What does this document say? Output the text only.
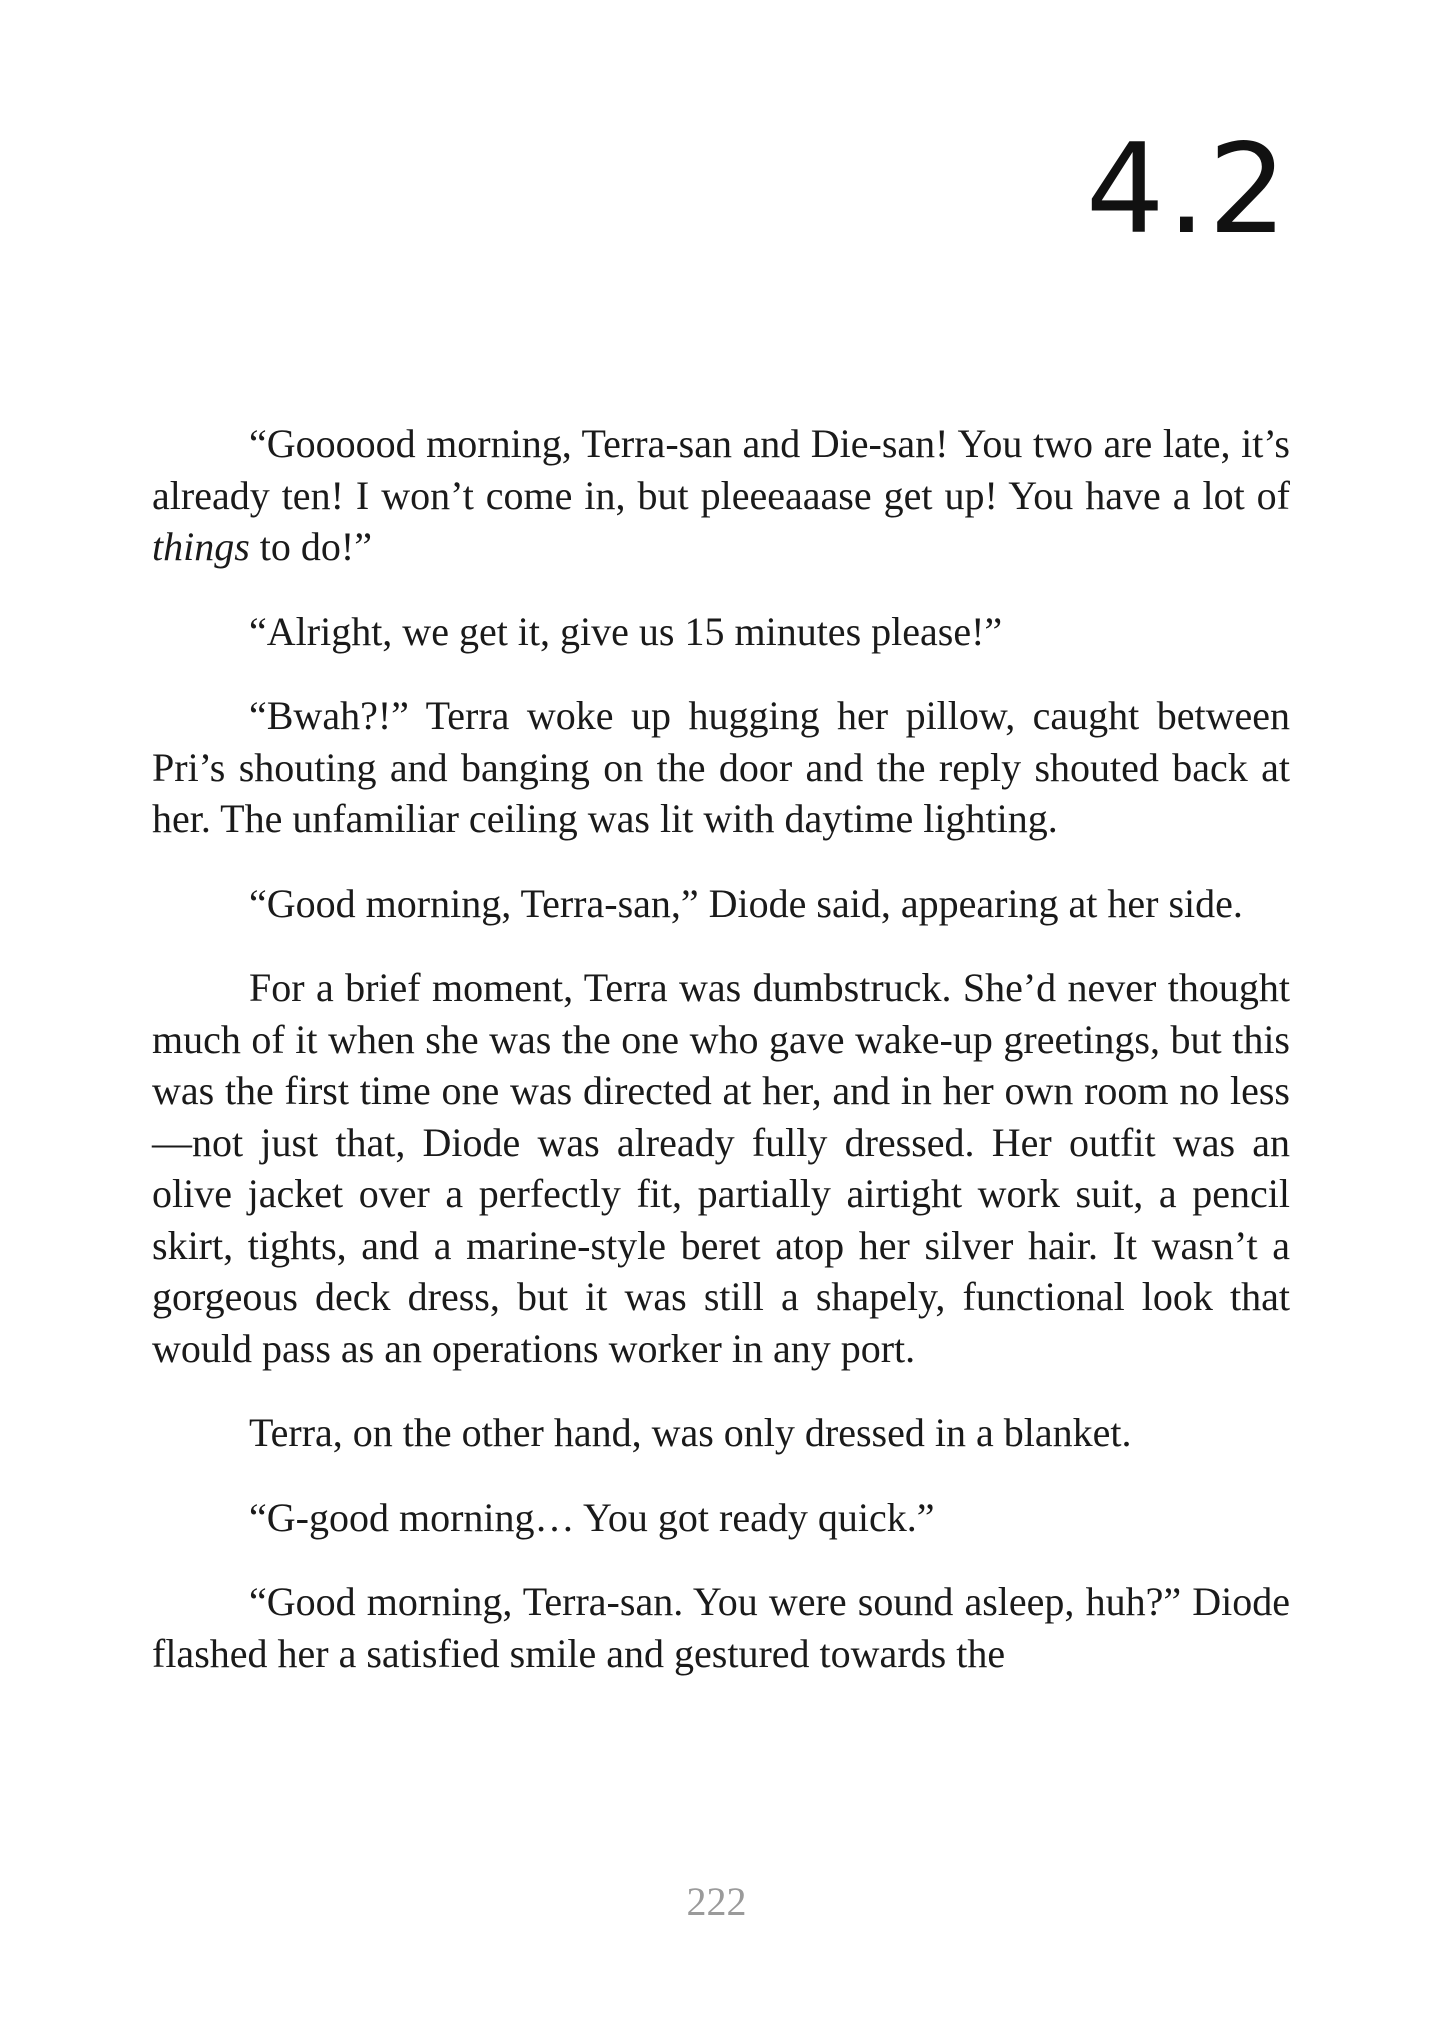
4.2

“Goooood morning, Terra-san and Die-san! You two are late, it’s already ten! I won’t come in, but pleeeaaase get up! You have a lot of things to do!”

“Alright, we get it, give us 15 minutes please!”

“Bwah?!” Terra woke up hugging her pillow, caught between Pri’s shouting and banging on the door and the reply shouted back at her. The unfamiliar ceiling was lit with daytime lighting.

“Good morning, Terra-san,” Diode said, appearing at her side.

For a brief moment, Terra was dumbstruck. She’d never thought much of it when she was the one who gave wake-up greetings, but this was the first time one was directed at her, and in her own room no less—not just that, Diode was already fully dressed. Her outfit was an olive jacket over a perfectly fit, partially airtight work suit, a pencil skirt, tights, and a marine-style beret atop her silver hair. It wasn’t a gorgeous deck dress, but it was still a shapely, functional look that would pass as an operations worker in any port.

Terra, on the other hand, was only dressed in a blanket.

“G-good morning… You got ready quick.”

“Good morning, Terra-san. You were sound asleep, huh?” Diode flashed her a satisfied smile and gestured towards the

222
